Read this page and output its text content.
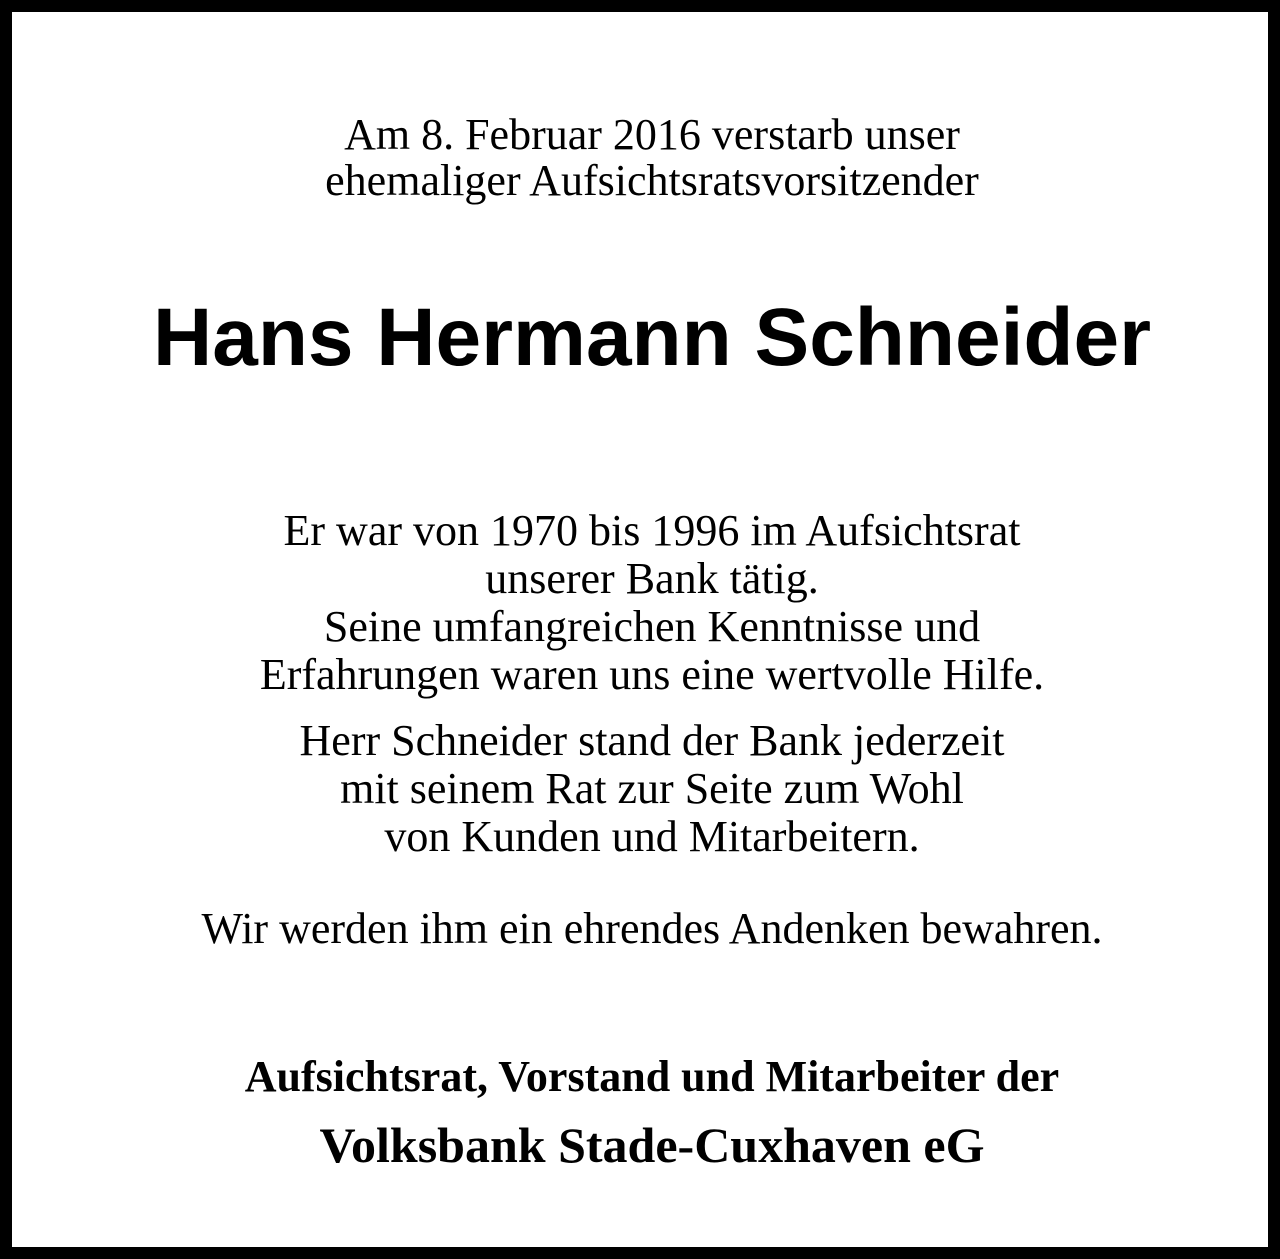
Am 8. Februar 2016 verstarb unser
ehemaliger Aufsichtsratsvorsitzender
Hans Hermann Schneider
Er war von 1970 bis 1996 im Aufsichtsrat
unserer Bank tätig.
Seine umfangreichen Kenntnisse und
Erfahrungen waren uns eine wertvolle Hilfe.
Herr Schneider stand der Bank jederzeit
mit seinem Rat zur Seite zum Wohl
von Kunden und Mitarbeitern.
Wir werden ihm ein ehrendes Andenken bewahren.
Aufsichtsrat, Vorstand und Mitarbeiter der
Volksbank Stade-Cuxhaven eG
